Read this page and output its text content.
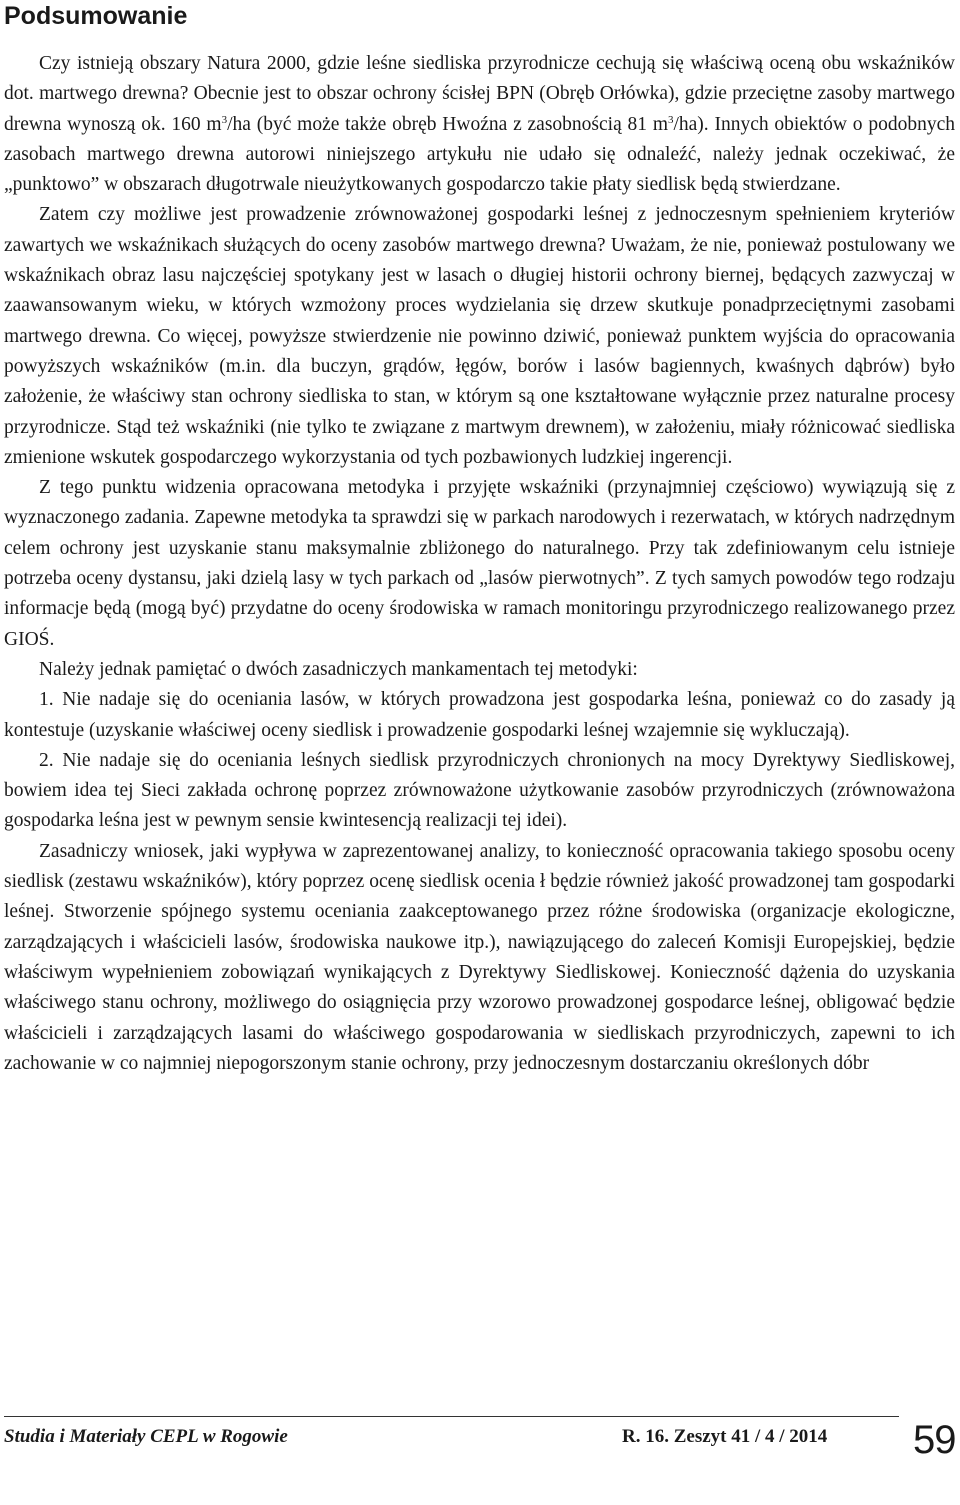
Podsumowanie

Czy istnieją obszary Natura 2000, gdzie leśne siedliska przyrodnicze cechują się właściwą oceną obu wskaźników dot. martwego drewna? Obecnie jest to obszar ochrony ścisłej BPN (Obręb Orłówka), gdzie przeciętne zasoby martwego drewna wynoszą ok. 160 $m^3/ha$ (być może także obręb Hwoźna z zasobnością 81 $m^3/ha$). Innych obiektów o podobnych zasobach martwego drewna autorowi niniejszego artykułu nie udało się odnaleźć, należy jednak oczekiwać, że „punktowo” w obszarach długotrwale nieużytkowanych gospodarczo takie płaty siedlisk będą stwierdzane.

Zatem czy możliwe jest prowadzenie zrównoważonej gospodarki leśnej z jednoczesnym spełnieniem kryteriów zawartych we wskaźnikach służących do oceny zasobów martwego drewna? Uważam, że nie, ponieważ postulowany we wskaźnikach obraz lasu najczęściej spotykany jest w lasach o długiej historii ochrony biernej, będących zazwyczaj w zaawansowanym wieku, w których wzmożony proces wydzielania się drzew skutkuje ponadprzeciętnymi zasobami martwego drewna. Co więcej, powyższe stwierdzenie nie powinno dziwić, ponieważ punktem wyjścia do opracowania powyższych wskaźników (m.in. dla buczyn, grądów, łęgów, borów i lasów bagiennych, kwaśnych dąbrów) było założenie, że właściwy stan ochrony siedliska to stan, w którym są one kształtowane wyłącznie przez naturalne procesy przyrodnicze. Stąd też wskaźniki (nie tylko te związane z martwym drewnem), w założeniu, miały różnicować siedliska zmienione wskutek gospodarczego wykorzystania od tych pozbawionych ludzkiej ingerencji.

Z tego punktu widzenia opracowana metodyka i przyjęte wskaźniki (przynajmniej częściowo) wywiązują się z wyznaczonego zadania. Zapewne metodyka ta sprawdzi się w parkach narodowych i rezerwatach, w których nadrzędnym celem ochrony jest uzyskanie stanu maksymalnie zbliżonego do naturalnego. Przy tak zdefiniowanym celu istnieje potrzeba oceny dystansu, jaki dzielą lasy w tych parkach od „lasów pierwotnych”. Z tych samych powodów tego rodzaju informacje będą (mogą być) przydatne do oceny środowiska w ramach monitoringu przyrodniczego realizowanego przez GIOŚ.

Należy jednak pamiętać o dwóch zasadniczych mankamentach tej metodyki:

1. Nie nadaje się do oceniania lasów, w których prowadzona jest gospodarka leśna, ponieważ co do zasady ją kontestuje (uzyskanie właściwej oceny siedlisk i prowadzenie gospodarki leśnej wzajemnie się wykluczają).

2. Nie nadaje się do oceniania leśnych siedlisk przyrodniczych chronionych na mocy Dyrektywy Siedliskowej, bowiem idea tej Sieci zakłada ochronę poprzez zrównoważone użytkowanie zasobów przyrodniczych (zrównoważona gospodarka leśna jest w pewnym sensie kwintesencją realizacji tej idei).

Zasadniczy wniosek, jaki wypływa w zaprezentowanej analizy, to konieczność opracowania takiego sposobu oceny siedlisk (zestawu wskaźników), który poprzez ocenę siedlisk ocenia ł będzie również jakość prowadzonej tam gospodarki leśnej. Stworzenie spójnego systemu oceniania zaakceptowanego przez różne środowiska (organizacje ekologiczne, zarządzających i właścicieli lasów, środowiska naukowe itp.), nawiązującego do zaleceń Komisji Europejskiej, będzie właściwym wypełnieniem zobowiązań wynikających z Dyrektywy Siedliskowej. Konieczność dążenia do uzyskania właściwego stanu ochrony, możliwego do osiągnięcia przy wzorowo prowadzonej gospodarce leśnej, obligować będzie właścicieli i zarządzających lasami do właściwego gospodarowania w siedliskach przyrodniczych, zapewni to ich zachowanie w co najmniej niepogorszonym stanie ochrony, przy jednoczesnym dostarczaniu określonych dóbr

Studia i Materiały CEPL w Rogowie	R. 16. Zeszyt 41 / 4 / 2014 59
